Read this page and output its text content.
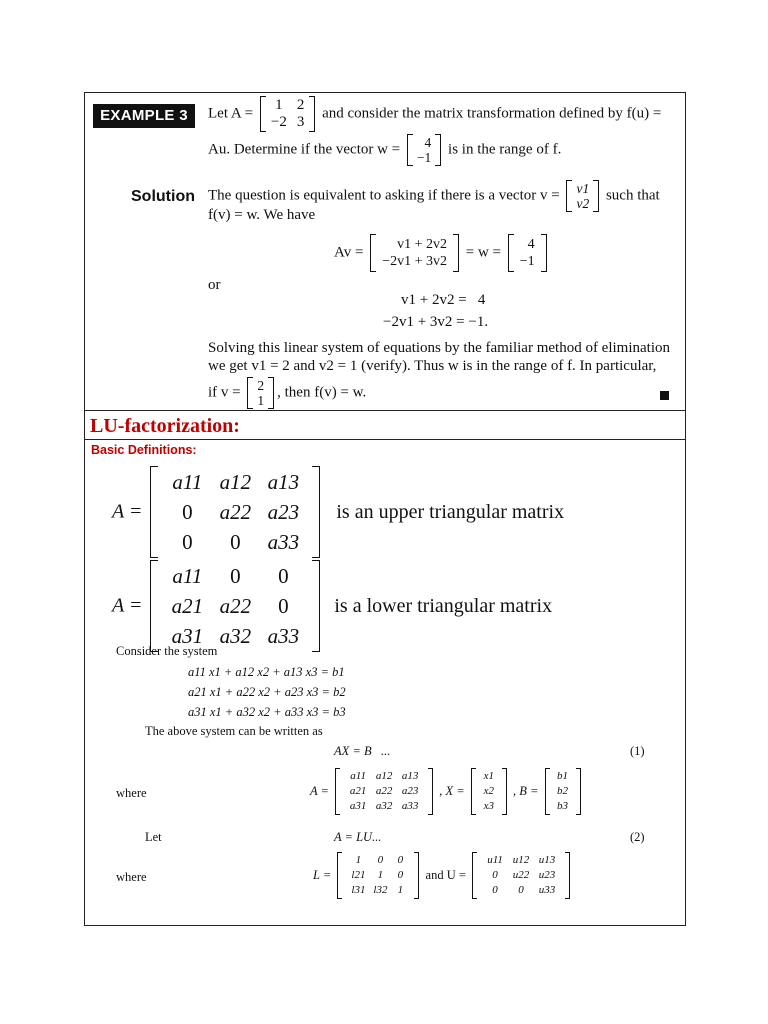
EXAMPLE 3	Let A =
1 2
−2 3
and consider the matrix transformation defined by f(u) =
Au. Determine if the vector w =	4
−1
is in the range of f.
Solution The question is equivalent to asking if there is a vector v = v1
v2
such that
f(v) = w. We have
Av =	v1 + 2v2
−2v1 + 3v2
= w =	4
−1
or
v1 + 2v2 =   4
−2v1 + 3v2 = −1.
Solving this linear system of equations by the familiar method of elimination
we get v1 = 2 and v2 = 1 (verify). Thus w is in the range of f. In particular,
if v = 2
1
, then f(v) = w.
LU-factorization:
Basic Definitions:
A =
a11 a12 a13
0	a22 a23
0	0	a33
is an upper triangular matrix
A =
a11	0	0
a21 a22	0
a31 a32 a33
is a lower triangular matrix
Consider the system
a11 x1 + a12 x2 + a13 x3 = b1
a21 x1 + a22 x2 + a23 x3 = b2
a31 x1 + a32 x2 + a33 x3 = b3
The above system can be written as
AX = B   ...	(1)
where	A =
a11 a12 a13
a21 a22 a23
a31 a32 a33
, X =
x1
x2
x3
, B =
b1
b2
b3
Let	A = LU...	(2)
where	L =
1	0	0
l21	1	0
l31 l32 1
and U =
u11 u12 u13
0	u22 u23
0	0	u33
